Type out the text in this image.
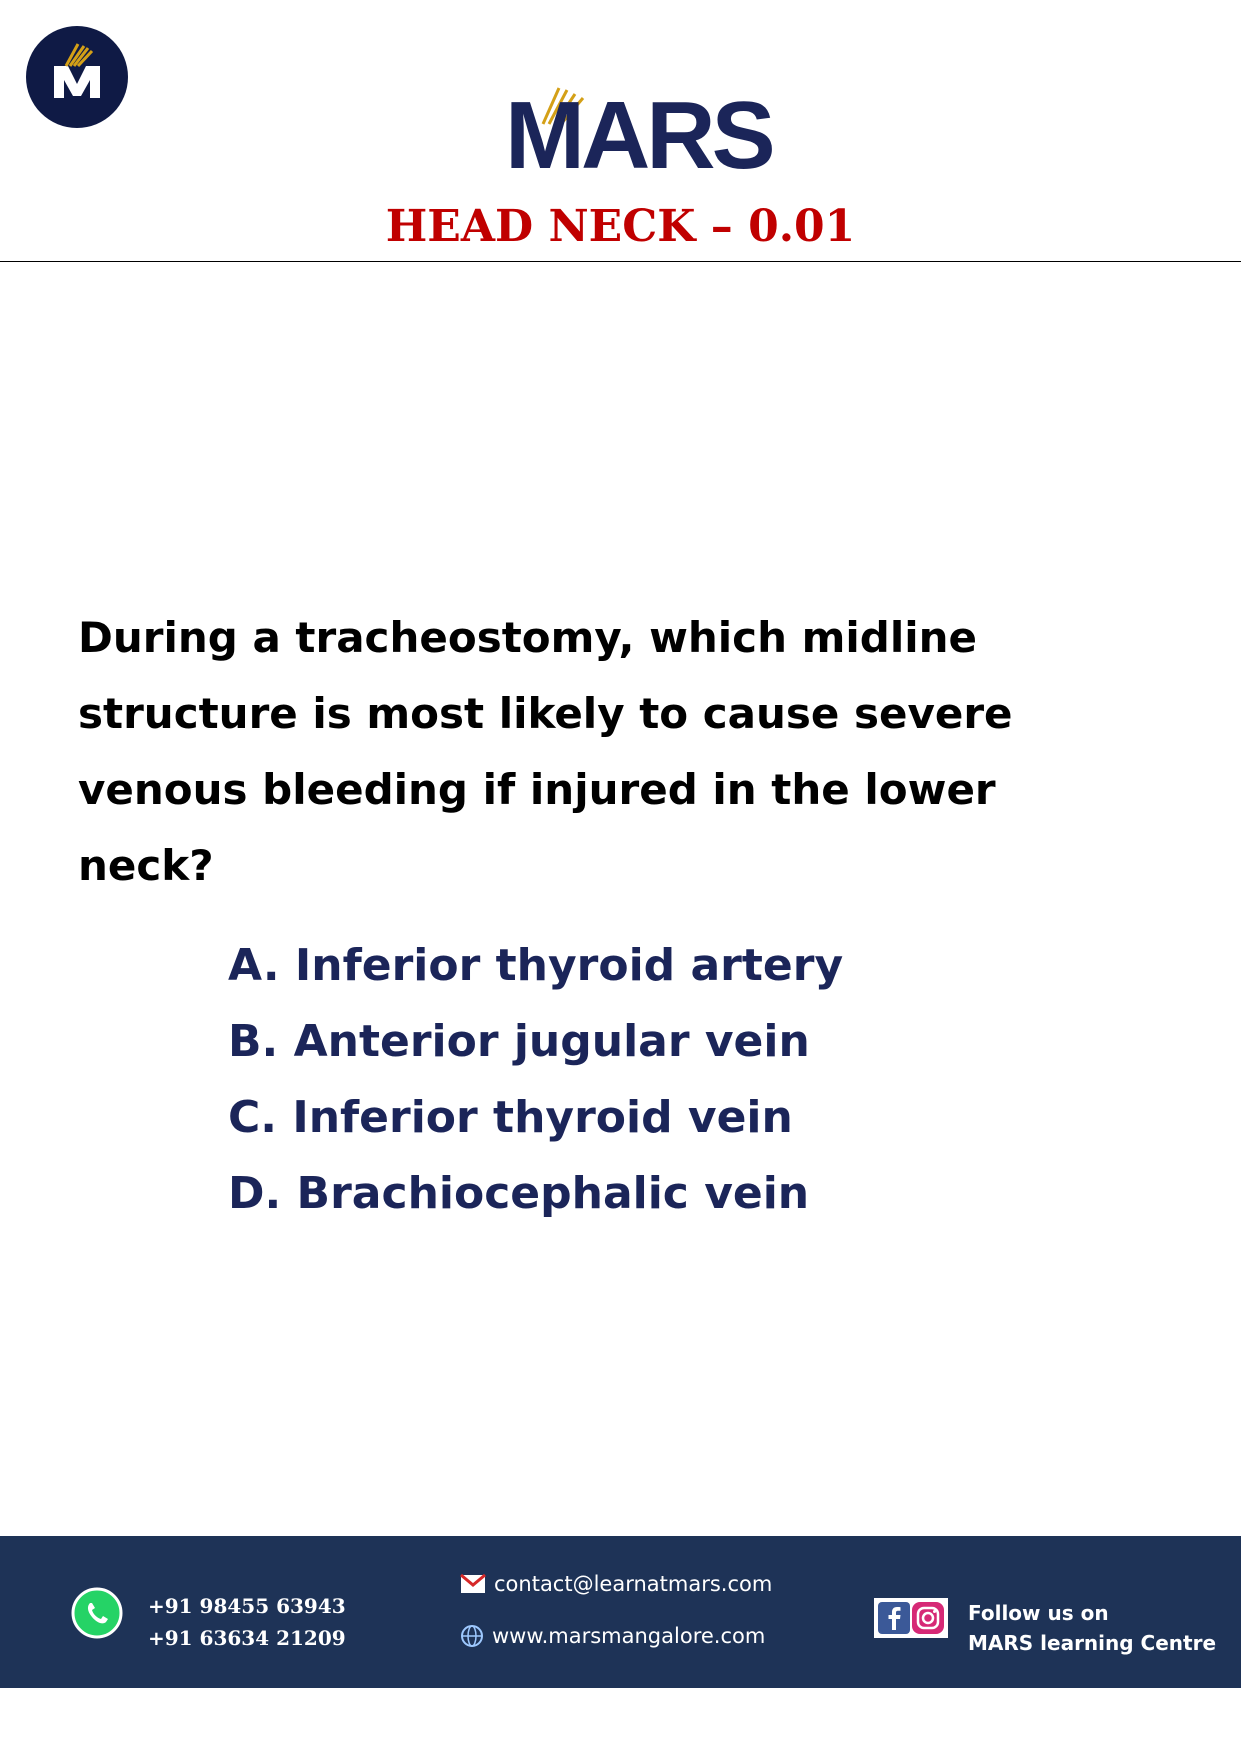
MARS
HEAD NECK – 0.01
During a tracheostomy, which midline structure is most likely to cause severe venous bleeding if injured in the lower neck?
A. Inferior thyroid artery
B. Anterior jugular vein
C. Inferior thyroid vein
D. Brachiocephalic vein
+91 98455 63943
+91 63634 21209
contact@learnatmars.com
www.marsmangalore.com
Follow us on
MARS learning Centre
